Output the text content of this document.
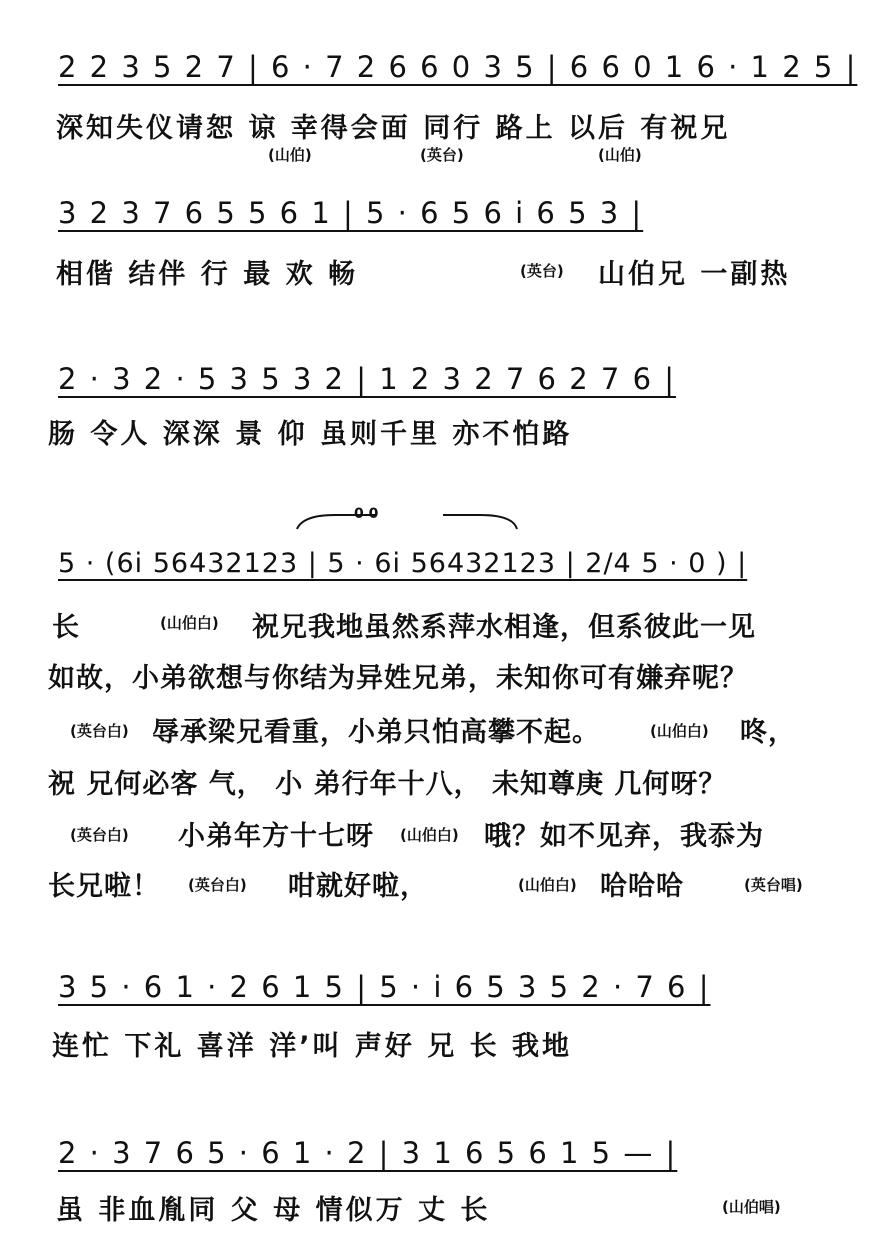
2 2 3 5 2 7 | 6 · 7 2 6 6 0 3 5 | 6 6 0 1 6 · 1 2 5 |
深知失仪请恕 谅 幸得会面 同行 路上 以后 有祝兄
(山伯)	(英台)	(山伯)
3 2 3 7 6 5 5 6 1 | 5 · 6 5 6 i 6 5 3 |
相偕 结伴 行 最 欢 畅	(英台) 山伯兄 一副热
2 · 3 2 · 5 3 5 3 2 | 1 2 3 2 7 6 2 7 6 |
肠 令人 深深 景 仰 虽则千里 亦不怕路
0 0
5 · (6i 56432123 | 5 · 6i 56432123 | 2/4 5 · 0 ) |
长	(山伯白) 祝兄我地虽然系萍水相逢，但系彼此一见
如故，小弟欲想与你结为异姓兄弟，未知你可有嫌弃呢？
(英台白) 辱承梁兄看重，小弟只怕高攀不起。	(山伯白) 咚，
祝 兄何必客 气， 小 弟行年十八， 未知尊庚 几何呀？
(英台白) 小弟年方十七呀 (山伯白) 哦？如不见弃，我忝为
长兄啦！ (英台白) 咁就好啦，	(山伯白) 哈哈哈	(英台唱)
3 5 · 6 1 · 2 6 1 5 | 5 · i 6 5 3 5 2 · 7 6 |
连忙 下礼 喜洋 洋’叫 声好 兄 长 我地
2 · 3 7 6 5 · 6 1 · 2 | 3 1 6 5 6 1 5 — |
虽 非血胤同 父 母 情似万 丈 长	(山伯唱)
